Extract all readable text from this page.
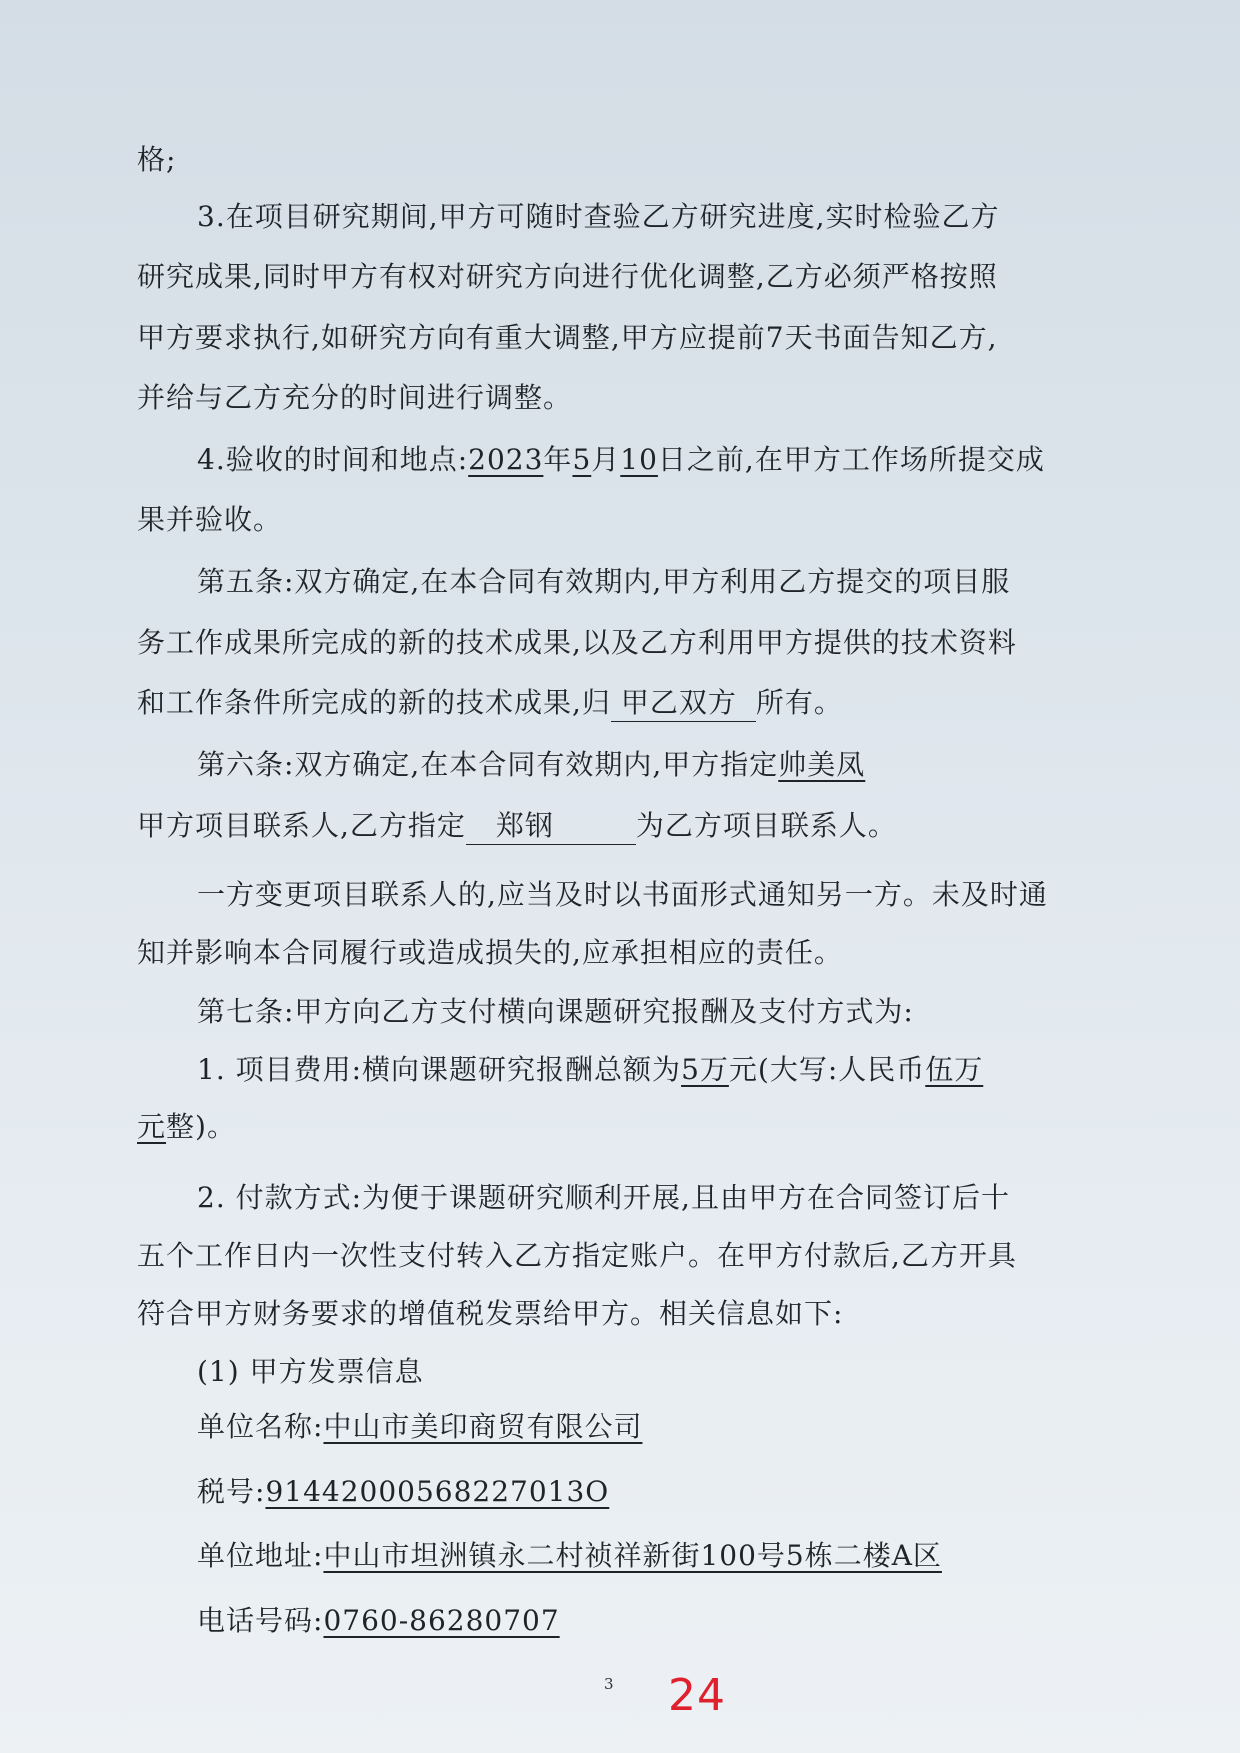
格;
3.在项目研究期间,甲方可随时查验乙方研究进度,实时检验乙方
研究成果,同时甲方有权对研究方向进行优化调整,乙方必须严格按照
甲方要求执行,如研究方向有重大调整,甲方应提前7天书面告知乙方,
并给与乙方充分的时间进行调整。
4.验收的时间和地点:2023年5月10日之前,在甲方工作场所提交成
果并验收。
第五条:双方确定,在本合同有效期内,甲方利用乙方提交的项目服
务工作成果所完成的新的技术成果,以及乙方利用甲方提供的技术资料
和工作条件所完成的新的技术成果,归 甲乙双方 所有。
第六条:双方确定,在本合同有效期内,甲方指定帅美凤
甲方项目联系人,乙方指定 郑钢	为乙方项目联系人。
一方变更项目联系人的,应当及时以书面形式通知另一方。未及时通
知并影响本合同履行或造成损失的,应承担相应的责任。
第七条:甲方向乙方支付横向课题研究报酬及支付方式为:
1. 项目费用:横向课题研究报酬总额为5万元(大写:人民币伍万
元整)。
2. 付款方式:为便于课题研究顺利开展,且由甲方在合同签订后十
五个工作日内一次性支付转入乙方指定账户。在甲方付款后,乙方开具
符合甲方财务要求的增值税发票给甲方。相关信息如下:
(1) 甲方发票信息
单位名称:中山市美印商贸有限公司
税号:91442000568227013O
单位地址:中山市坦洲镇永二村祯祥新街100号5栋二楼A区
电话号码:0760-86280707
3 24
